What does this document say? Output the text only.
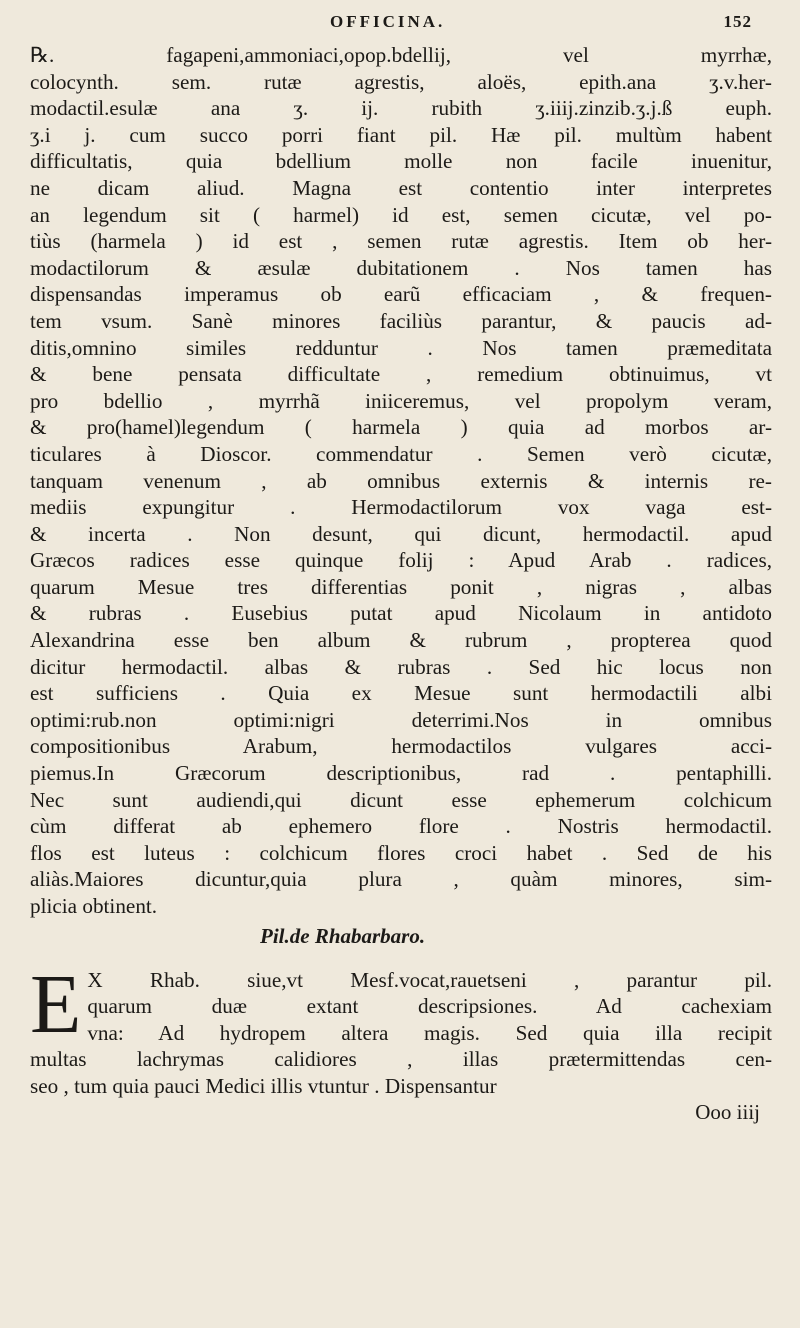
OFFICINA.	152
℞. fagapeni,ammoniaci,opop.bdellij, vel myrrhæ,
colocynth. sem. rutæ agrestis, aloës, epith.ana ʒ.v.her-
modactil.esulæ ana ʒ. ij. rubith ʒ.iiij.zinzib.ʒ.j.ß euph.
ʒ.i j. cum succo porri fiant pil. Hæ pil. multùm habent
difficultatis, quia bdellium molle non facile inuenitur,
ne dicam aliud. Magna est contentio inter interpretes
an legendum sit ( harmel) id est, semen cicutæ, vel po-
tiùs (harmela ) id est , semen rutæ agrestis. Item ob her-
modactilorum & æsulæ dubitationem . Nos tamen has
dispensandas imperamus ob earũ efficaciam , & frequen-
tem vsum. Sanè minores faciliùs parantur, & paucis ad-
ditis,omnino similes redduntur . Nos tamen præmeditata
& bene pensata difficultate , remedium obtinuimus, vt
pro bdellio , myrrhã iniiceremus, vel propolym veram,
& pro(hamel)legendum ( harmela ) quia ad morbos ar-
ticulares à Dioscor. commendatur . Semen verò cicutæ,
tanquam venenum , ab omnibus externis & internis re-
mediis expungitur . Hermodactilorum vox vaga est-
& incerta . Non desunt, qui dicunt, hermodactil. apud
Græcos radices esse quinque folij : Apud Arab . radices,
quarum Mesue tres differentias ponit , nigras , albas
& rubras . Eusebius putat apud Nicolaum in antidoto
Alexandrina esse ben album & rubrum , propterea quod
dicitur hermodactil. albas & rubras . Sed hic locus non
est sufficiens . Quia ex Mesue sunt hermodactili albi
optimi:rub.non optimi:nigri deterrimi.Nos in omnibus
compositionibus Arabum, hermodactilos vulgares acci-
piemus.In Græcorum descriptionibus, rad . pentaphilli.
Nec sunt audiendi,qui dicunt esse ephemerum colchicum
cùm differat ab ephemero flore . Nostris hermodactil.
flos est luteus : colchicum flores croci habet . Sed de his
aliàs.Maiores dicuntur,quia plura , quàm minores, sim-
plicia obtinent.
Pil.de Rhabarbaro.
E X Rhab. siue,vt Mesf.vocat,rauetseni , parantur pil.
quarum duæ extant descripsiones. Ad cachexiam
vna: Ad hydropem altera magis. Sed quia illa recipit
multas lachrymas calidiores , illas prætermittendas cen-
seo , tum quia pauci Medici illis vtuntur . Dispensantur
Ooo iiij
